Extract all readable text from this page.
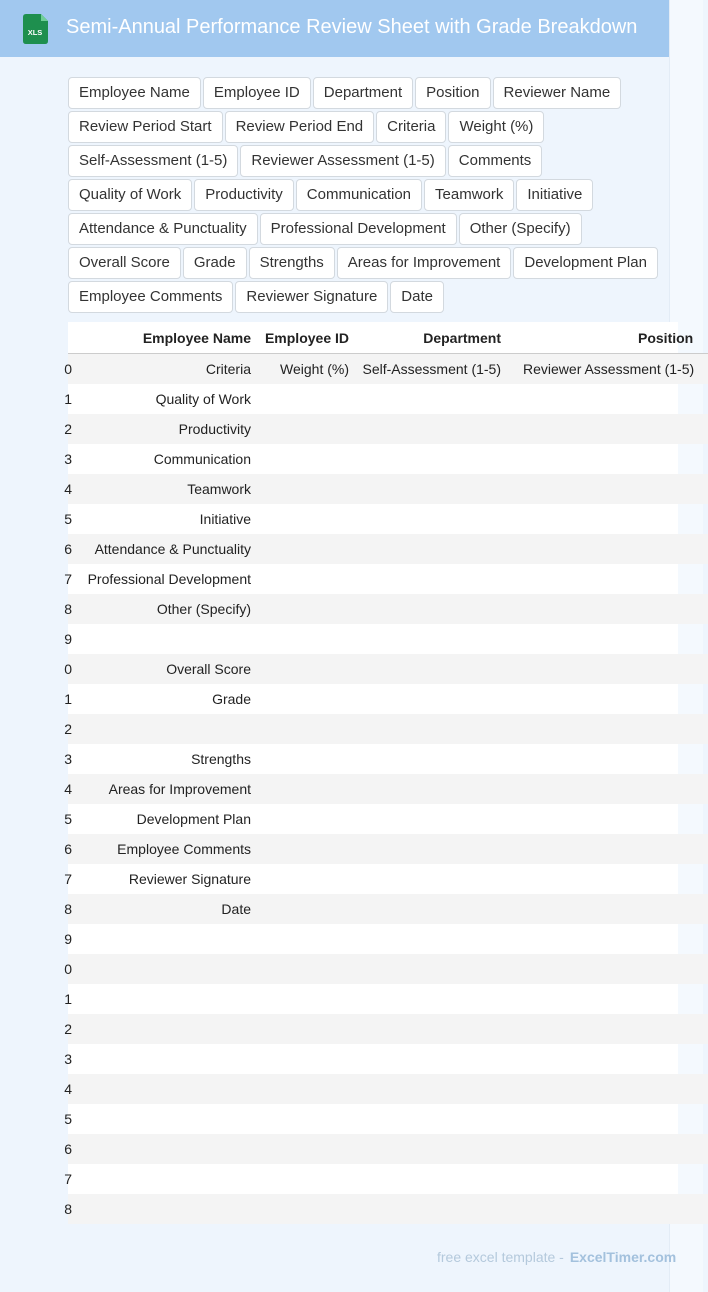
XLS Semi-Annual Performance Review Sheet with Grade Breakdown
Employee Name	Employee ID	Department	Position	Reviewer Name
Review Period Start	Review Period End	Criteria	Weight (%)
Self-Assessment (1-5)	Reviewer Assessment (1-5)	Comments
Quality of Work	Productivity	Communication	Teamwork	Initiative
Attendance & Punctuality	Professional Development	Other (Specify)
Overall Score	Grade	Strengths	Areas for Improvement	Development Plan
Employee Comments	Reviewer Signature	Date
	Employee Name	Employee ID	Department	Position
0	Criteria	Weight (%)	Self-Assessment (1-5)	Reviewer Assessment (1-5)
1	Quality of Work			
2	Productivity			
3	Communication			
4	Teamwork			
5	Initiative			
6	Attendance & Punctuality			
7	Professional Development			
8	Other (Specify)			
9				
0	Overall Score			
1	Grade			
2				
3	Strengths			
4	Areas for Improvement			
5	Development Plan			
6	Employee Comments			
7	Reviewer Signature			
8	Date			
9				
0				
1				
2				
3				
4				
5				
6				
7				
8				
free excel template - ExcelTimer.com
